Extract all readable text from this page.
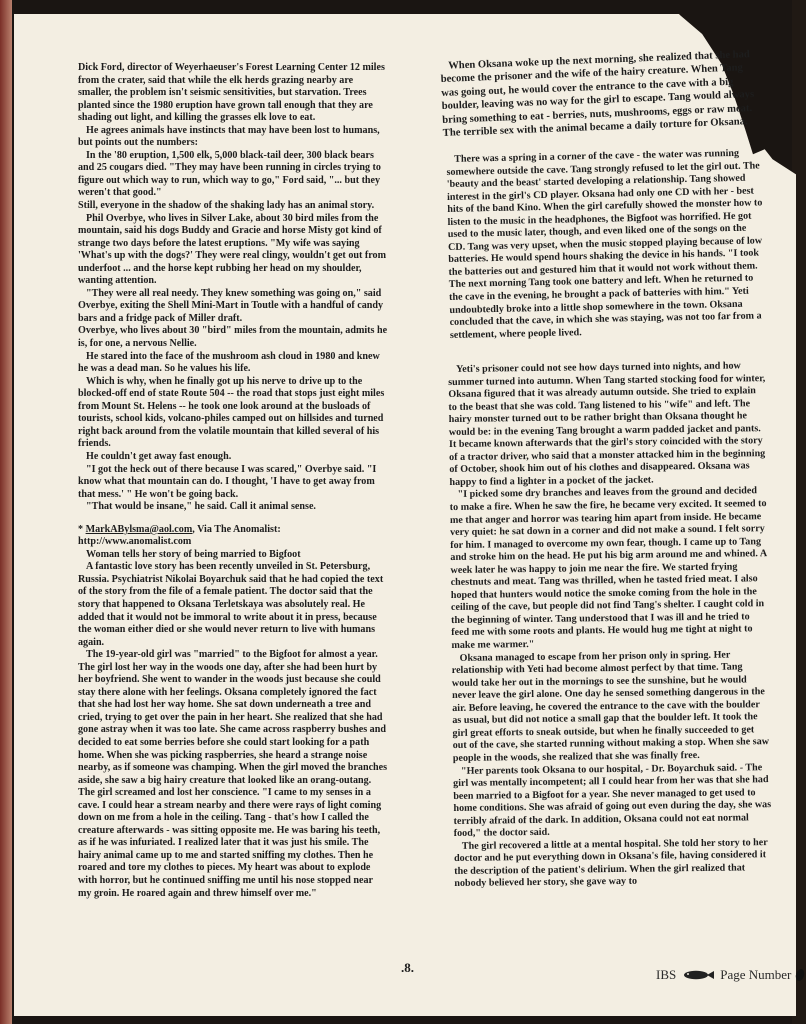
Dick Ford, director of Weyerhaeuser's Forest Learning Center 12 miles from the crater, said that while the elk herds grazing nearby are smaller, the problem isn't seismic sensitivities, but starvation. Trees planted since the 1980 eruption have grown tall enough that they are shading out light, and killing the grasses elk love to eat.

He agrees animals have instincts that may have been lost to humans, but points out the numbers:

In the '80 eruption, 1,500 elk, 5,000 black-tail deer, 300 black bears and 25 cougars died. "They may have been running in circles trying to figure out which way to run, which way to go," Ford said, "... but they weren't that good."

Still, everyone in the shadow of the shaking lady has an animal story.

Phil Overbye, who lives in Silver Lake, about 30 bird miles from the mountain, said his dogs Buddy and Gracie and horse Misty got kind of strange two days before the latest eruptions. "My wife was saying 'What's up with the dogs?' They were real clingy, wouldn't get out from underfoot ... and the horse kept rubbing her head on my shoulder, wanting attention.

"They were all real needy. They knew something was going on," said Overbye, exiting the Shell Mini-Mart in Toutle with a handful of candy bars and a fridge pack of Miller draft.

Overbye, who lives about 30 "bird" miles from the mountain, admits he is, for one, a nervous Nellie.

He stared into the face of the mushroom ash cloud in 1980 and knew he was a dead man. So he values his life.

Which is why, when he finally got up his nerve to drive up to the blocked-off end of state Route 504 -- the road that stops just eight miles from Mount St. Helens -- he took one look around at the busloads of tourists, school kids, volcano-philes camped out on hillsides and turned right back around from the volatile mountain that killed several of his friends.

He couldn't get away fast enough.

"I got the heck out of there because I was scared," Overbye said. "I know what that mountain can do. I thought, 'I have to get away from that mess.' " He won't be going back.

"That would be insane," he said. Call it animal sense.

* MarkABylsma@aol.com, Via The Anomalist:

http://www.anomalist.com

Woman tells her story of being married to Bigfoot

A fantastic love story has been recently unveiled in St. Petersburg, Russia. Psychiatrist Nikolai Boyarchuk said that he had copied the text of the story from the file of a female patient. The doctor said that the story that happened to Oksana Terletskaya was absolutely real. He added that it would not be immoral to write about it in press, because the woman either died or she would never return to live with humans again.

The 19-year-old girl was "married" to the Bigfoot for almost a year. The girl lost her way in the woods one day, after she had been hurt by her boyfriend. She went to wander in the woods just because she could stay there alone with her feelings. Oksana completely ignored the fact that she had lost her way home. She sat down underneath a tree and cried, trying to get over the pain in her heart. She realized that she had gone astray when it was too late. She came across raspberry bushes and decided to eat some berries before she could start looking for a path home. When she was picking raspberries, she heard a strange noise nearby, as if someone was champing. When the girl moved the branches aside, she saw a big hairy creature that looked like an orang-outang. The girl screamed and lost her conscience. "I came to my senses in a cave. I could hear a stream nearby and there were rays of light coming down on me from a hole in the ceiling. Tang - that's how I called the creature afterwards - was sitting opposite me. He was baring his teeth, as if he was infuriated. I realized later that it was just his smile. The hairy animal came up to me and started sniffing my clothes. Then he roared and tore my clothes to pieces. My heart was about to explode with horror, but he continued sniffing me until his nose stopped near my groin. He roared again and threw himself over me."

When Oksana woke up the next morning, she realized that she had become the prisoner and the wife of the hairy creature. When Tang was going out, he would cover the entrance to the cave with a big boulder, leaving was no way for the girl to escape. Tang would always bring something to eat - berries, nuts, mushrooms, eggs or raw meat. The terrible sex with the animal became a daily torture for Oksana.

There was a spring in a corner of the cave - the water was running somewhere outside the cave. Tang strongly refused to let the girl out. The 'beauty and the beast' started developing a relationship. Tang showed interest in the girl's CD player. Oksana had only one CD with her - best hits of the band Kino. When the girl carefully showed the monster how to listen to the music in the headphones, the Bigfoot was horrified. He got used to the music later, though, and even liked one of the songs on the CD. Tang was very upset, when the music stopped playing because of low batteries. He would spend hours shaking the device in his hands. "I took the batteries out and gestured him that it would not work without them. The next morning Tang took one battery and left. When he returned to the cave in the evening, he brought a pack of batteries with him." Yeti undoubtedly broke into a little shop somewhere in the town. Oksana concluded that the cave, in which she was staying, was not too far from a settlement, where people lived.

Yeti's prisoner could not see how days turned into nights, and how summer turned into autumn. When Tang started stocking food for winter, Oksana figured that it was already autumn outside. She tried to explain to the beast that she was cold. Tang listened to his "wife" and left. The hairy monster turned out to be rather bright than Oksana thought he would be: in the evening Tang brought a warm padded jacket and pants. It became known afterwards that the girl's story coincided with the story of a tractor driver, who said that a monster attacked him in the beginning of October, shook him out of his clothes and disappeared. Oksana was happy to find a lighter in a pocket of the jacket.

"I picked some dry branches and leaves from the ground and decided to make a fire. When he saw the fire, he became very excited. It seemed to me that anger and horror was tearing him apart from inside. He became very quiet: he sat down in a corner and did not make a sound. I felt sorry for him. I managed to overcome my own fear, though. I came up to Tang and stroke him on the head. He put his big arm around me and whined. A week later he was happy to join me near the fire. We started frying chestnuts and meat. Tang was thrilled, when he tasted fried meat. I also hoped that hunters would notice the smoke coming from the hole in the ceiling of the cave, but people did not find Tang's shelter. I caught cold in the beginning of winter. Tang understood that I was ill and he tried to feed me with some roots and plants. He would hug me tight at night to make me warmer."

Oksana managed to escape from her prison only in spring. Her relationship with Yeti had become almost perfect by that time. Tang would take her out in the mornings to see the sunshine, but he would never leave the girl alone. One day he sensed something dangerous in the air. Before leaving, he covered the entrance to the cave with the boulder as usual, but did not notice a small gap that the boulder left. It took the girl great efforts to sneak outside, but when he finally succeeded to get out of the cave, she started running without making a stop. When she saw people in the woods, she realized that she was finally free.

"Her parents took Oksana to our hospital, - Dr. Boyarchuk said. - The girl was mentally incompetent; all I could hear from her was that she had been married to a Bigfoot for a year. She never managed to get used to home conditions. She was afraid of going out even during the day, she was terribly afraid of the dark. In addition, Oksana could not eat normal food," the doctor said.

The girl recovered a little at a mental hospital. She told her story to her doctor and he put everything down in Oksana's file, having considered it the description of the patient's delirium. When the girl realized that nobody believed her story, she gave way to

.8.	IBS	Page Number
